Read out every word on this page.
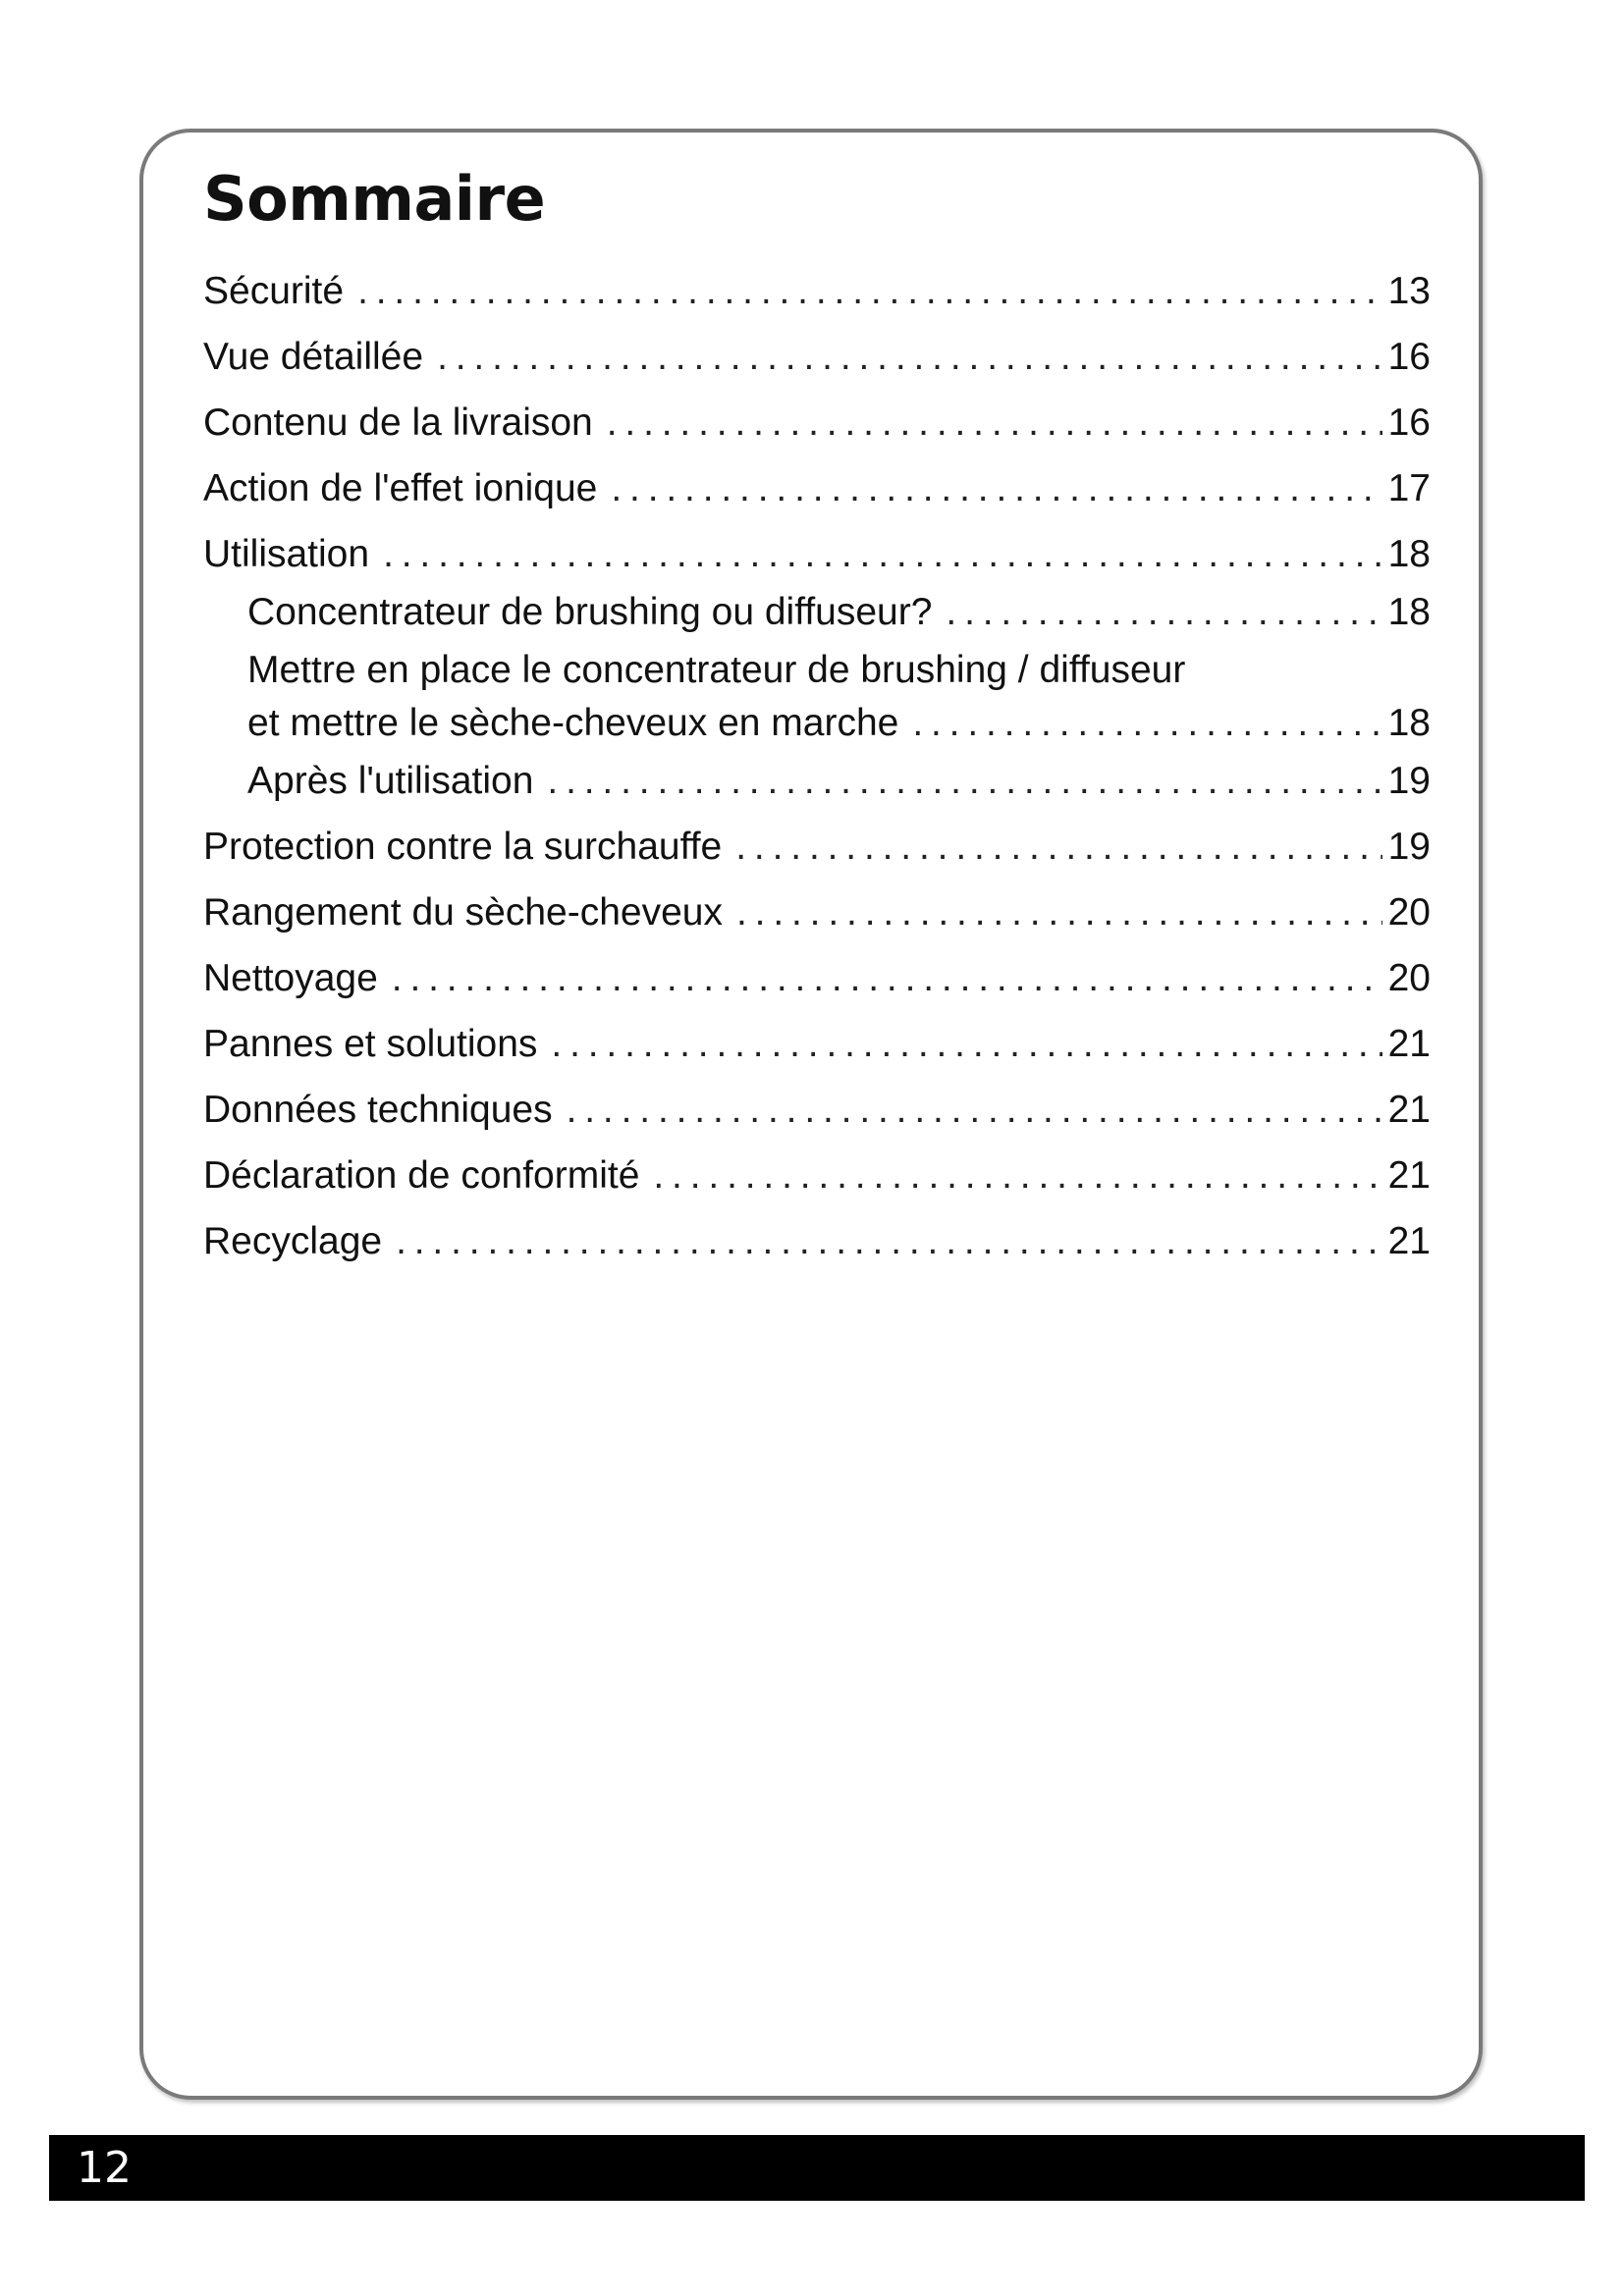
Sommaire
Sécurité . . .	13
Vue détaillée . . .	16
Contenu de la livraison . . .	16
Action de l'effet ionique . . .	17
Utilisation . . .	18
Concentrateur de brushing ou diffuseur? . . .	18
Mettre en place le concentrateur de brushing / diffuseur
et mettre le sèche-cheveux en marche . . .	18
Après l'utilisation . . .	19
Protection contre la surchauffe . . .	19
Rangement du sèche-cheveux . . .	20
Nettoyage . . .	20
Pannes et solutions . . .	21
Données techniques . . .	21
Déclaration de conformité . . .	21
Recyclage . . .	21
12
